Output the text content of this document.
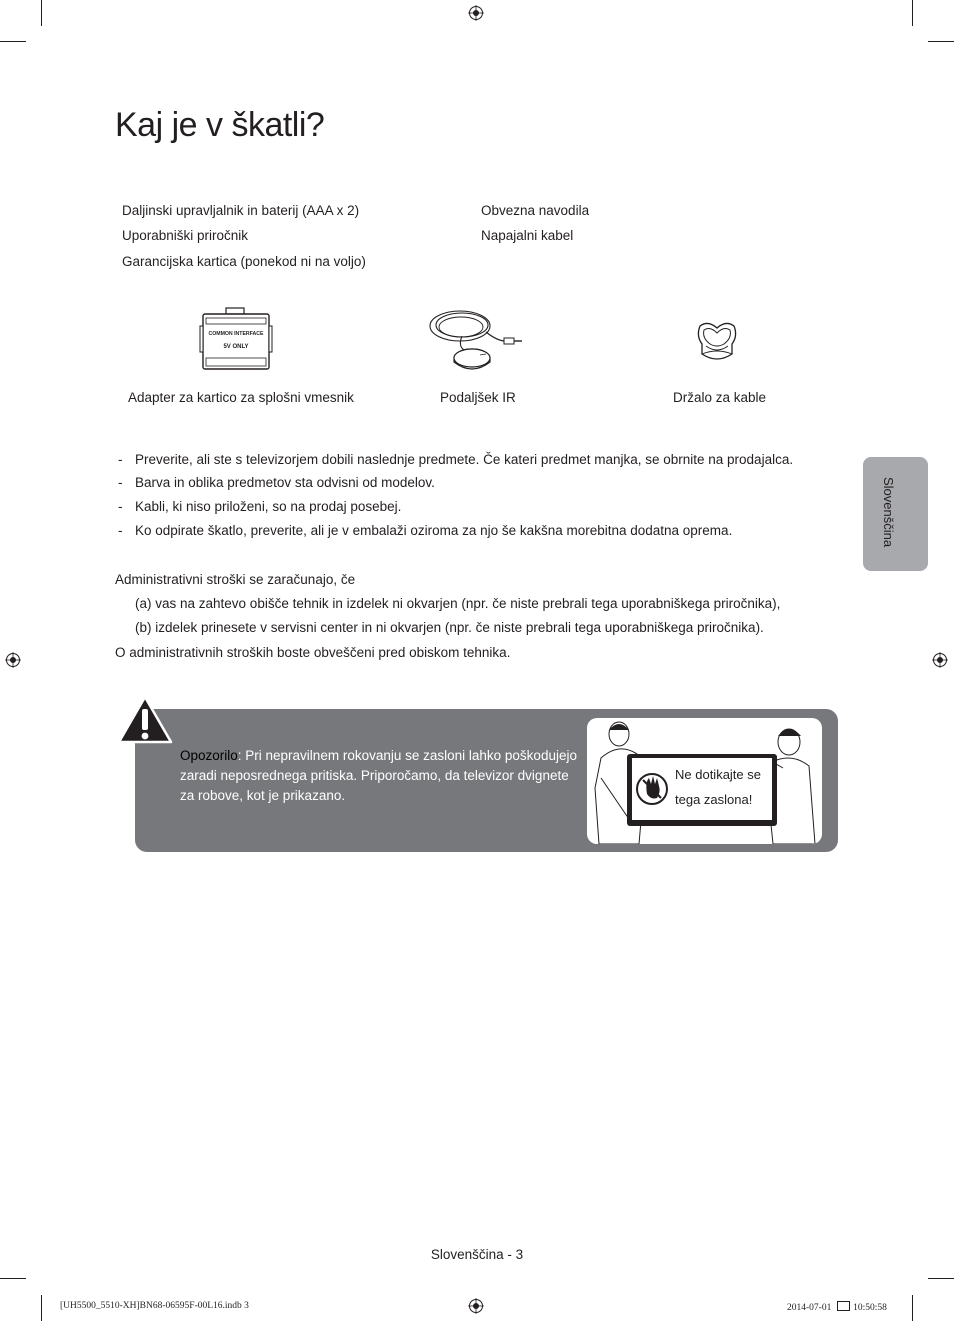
Kaj je v škatli?
Daljinski upravljalnik in baterij (AAA x 2)
Uporabniški priročnik
Garancijska kartica (ponekod ni na voljo)
Obvezna navodila
Napajalni kabel
COMMON INTERFACE
5V ONLY
Adapter za kartico za splošni vmesnik	Podaljšek IR	Držalo za kable
- Preverite, ali ste s televizorjem dobili naslednje predmete. Če kateri predmet manjka, se obrnite na prodajalca.
- Barva in oblika predmetov sta odvisni od modelov.
- Kabli, ki niso priloženi, so na prodaj posebej.
- Ko odpirate škatlo, preverite, ali je v embalaži oziroma za njo še kakšna morebitna dodatna oprema.
Administrativni stroški se zaračunajo, če
(a) vas na zahtevo obišče tehnik in izdelek ni okvarjen (npr. če niste prebrali tega uporabniškega priročnika),
(b) izdelek prinesete v servisni center in ni okvarjen (npr. če niste prebrali tega uporabniškega priročnika).
O administrativnih stroških boste obveščeni pred obiskom tehnika.
Slovenščina
Opozorilo: Pri nepravilnem rokovanju se zasloni lahko poškodujejo zaradi neposrednega pritiska. Priporočamo, da televizor dvignete za robove, kot je prikazano.
Ne dotikajte se
tega zaslona!
Slovenščina - 3
[UH5500_5510-XH]BN68-06595F-00L16.indb 3	2014-07-01 10:50:58
